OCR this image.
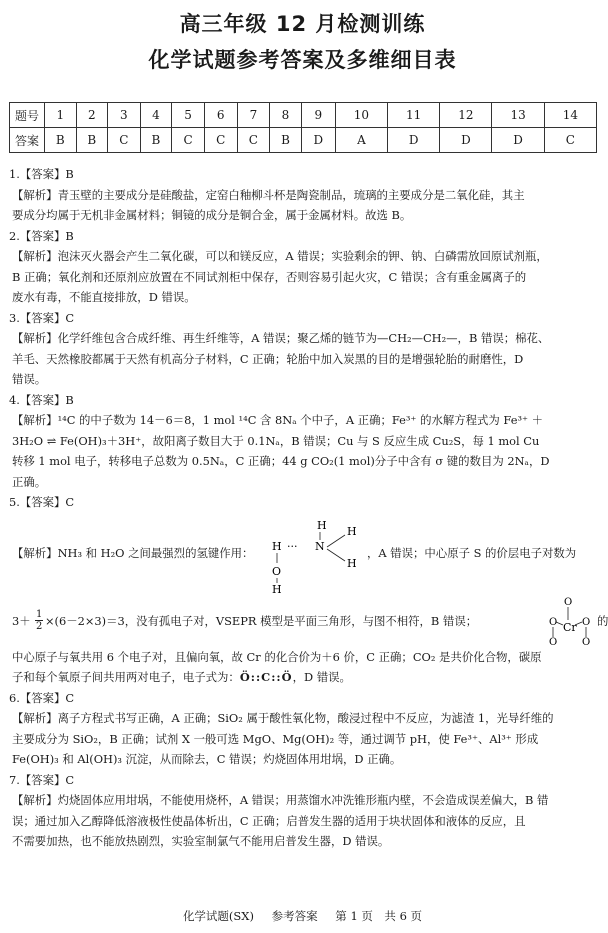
高三年级 12 月检测训练
化学试题参考答案及多维细目表
题号	1	2	3	4	5	6	7	8	9	10	11	12	13	14
答案	B	B	C	B	C	C	C	B	D	A	D	D	D	C

1.【答案】B

【解析】青玉壁的主要成分是硅酸盐，定窑白釉柳斗杯是陶瓷制品，琉璃的主要成分是二氧化硅，其主

要成分均属于无机非金属材料；铜镜的成分是铜合金，属于金属材料。故选 B。

2.【答案】B

【解析】泡沫灭火器会产生二氧化碳，可以和镁反应，A 错误；实验剩余的钾、钠、白磷需放回原试剂瓶，

B 正确；氧化剂和还原剂应放置在不同试剂柜中保存，否则容易引起火灾，C 错误；含有重金属离子的

废水有毒，不能直接排放，D 错误。

3.【答案】C

【解析】化学纤维包含合成纤维、再生纤维等，A 错误；聚乙烯的链节为—CH₂—CH₂—，B 错误；棉花、

羊毛、天然橡胶都属于天然有机高分子材料，C 正确；轮胎中加入炭黑的目的是增强轮胎的耐磨性，D

错误。

4.【答案】B

【解析】¹⁴C 的中子数为 14－6＝8，1 mol ¹⁴C 含 8Nₐ 个中子，A 正确；Fe³⁺ 的水解方程式为 Fe³⁺ ＋

3H₂O ⇌ Fe(OH)₃＋3H⁺，故阳离子数目大于 0.1Nₐ，B 错误；Cu 与 S 反应生成 Cu₂S，每 1 mol Cu

转移 1 mol 电子，转移电子总数为 0.5Nₐ，C 正确；44 g CO₂(1 mol)分子中含有 σ 键的数目为 2Nₐ，D

正确。

5.【答案】C

【解析】NH₃ 和 H₂O 之间最强烈的氢键作用：
H
H ··· N
H
H
O
H
，A 错误；中心原子 S 的价层电子对数为
$3+ \frac{1}{2} \times(6-2\times 3)=3$，没有孤电子对，VSEPR 模型是平面三角形，与图不相符，B 错误；
O
O O
Cr
O O
的

中心原子与氧共用 6 个电子对，且偏向氧，故 Cr 的化合价为＋6 价，C 正确；CO₂ 是共价化合物，碳原

子和每个氧原子间共用两对电子，电子式为：Ö::C::Ö，D 错误。

6.【答案】C

【解析】离子方程式书写正确，A 正确；SiO₂ 属于酸性氧化物，酸浸过程中不反应，为滤渣 1，光导纤维的

主要成分为 SiO₂，B 正确；试剂 X 一般可选 MgO、Mg(OH)₂ 等，通过调节 pH，使 Fe³⁺、Al³⁺ 形成

Fe(OH)₃ 和 Al(OH)₃ 沉淀，从而除去，C 错误；灼烧固体用坩埚，D 正确。

7.【答案】C

【解析】灼烧固体应用坩埚，不能使用烧杯，A 错误；用蒸馏水冲洗锥形瓶内壁，不会造成误差偏大，B 错

误；通过加入乙醇降低溶液极性使晶体析出，C 正确；启普发生器的适用于块状固体和液体的反应，且

不需要加热，也不能放热剧烈，实验室制氯气不能用启普发生器，D 错误。

化学试题(SX) 参考答案 第 1 页　共 6 页
